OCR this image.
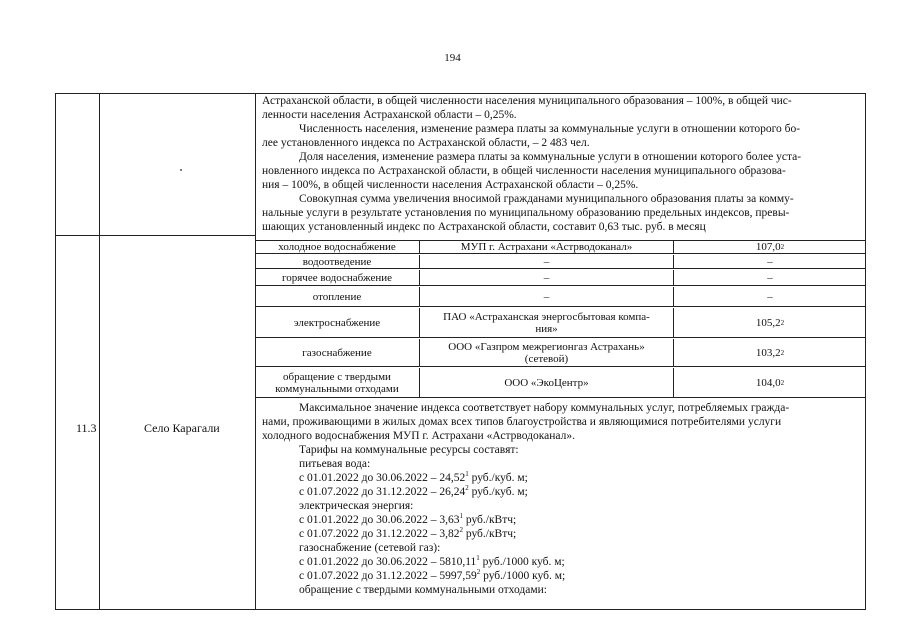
194
11.3	Село Карагали
Астраханской области, в общей численности населения муниципального образования – 100%, в общей чис-
ленности населения Астраханской области – 0,25%.
Численность населения, изменение размера платы за коммунальные услуги в отношении которого бо-
лее установленного индекса по Астраханской области, – 2 483 чел.
Доля населения, изменение размера платы за коммунальные услуги в отношении которого более уста-
новленного индекса по Астраханской области, в общей численности населения муниципального образова-
ния – 100%, в общей численности населения Астраханской области – 0,25%.
Совокупная сумма увеличения вносимой гражданами муниципального образования платы за комму-
нальные услуги в результате установления по муниципальному образованию предельных индексов, превы-
шающих установленный индекс по Астраханской области, составит 0,63 тыс. руб. в месяц
холодное водоснабжение	МУП г. Астрахани «Астрводоканал»	107,0 2
водоотведение	–	–
горячее водоснабжение	–	–
отопление	–	–
электроснабжение	ПАО «Астраханская энергосбытовая компа-
ния»	105,2 2
газоснабжение	ООО «Газпром межрегионгаз Астрахань»
(сетевой)	103,2 2
обращение с твердыми
коммунальными отходами	ООО «ЭкоЦентр»	104,0 2
Максимальное значение индекса соответствует набору коммунальных услуг, потребляемых гражда-
нами, проживающими в жилых домах всех типов благоустройства и являющимися потребителями услуги
холодного водоснабжения МУП г. Астрахани «Астрводоканал».
Тарифы на коммунальные ресурсы составят:
питьевая вода:
с 01.01.2022 до 30.06.2022 – 24,52$^1$ руб./куб. м;
с 01.07.2022 до 31.12.2022 – 26,24$^2$ руб./куб. м;
электрическая энергия:
с 01.01.2022 до 30.06.2022 – 3,63$^1$ руб./кВтч;
с 01.07.2022 до 31.12.2022 – 3,82$^2$ руб./кВтч;
газоснабжение (сетевой газ):
с 01.01.2022 до 30.06.2022 – 5810,11$^1$ руб./1000 куб. м;
с 01.07.2022 до 31.12.2022 – 5997,59$^2$ руб./1000 куб. м;
обращение с твердыми коммунальными отходами:
